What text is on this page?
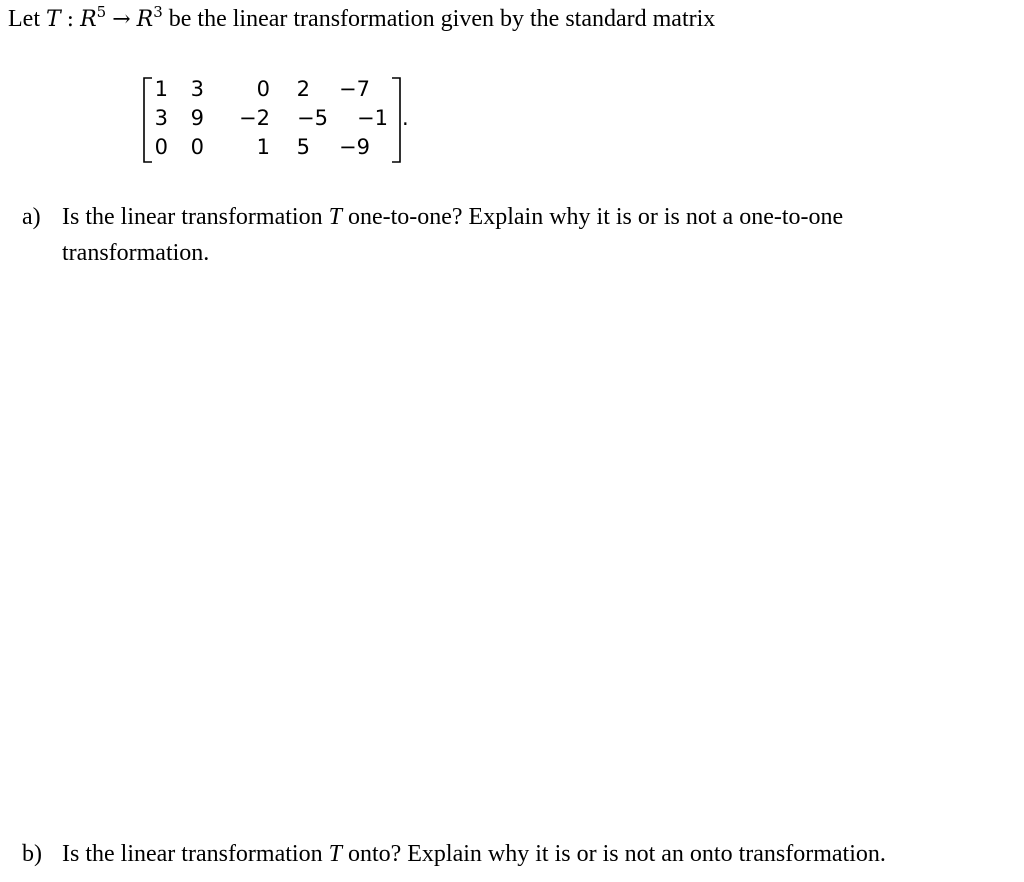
Let T : $R^5 \to R^3$ be the linear transformation given by the standard matrix
1	3	0	2	−7
3	9	−2	−5	−1
0	0	1	5	−9
.
a) Is the linear transformation T one-to-one? Explain why it is or is not a one-to-one
transformation.
b) Is the linear transformation T onto? Explain why it is or is not an onto transformation.
